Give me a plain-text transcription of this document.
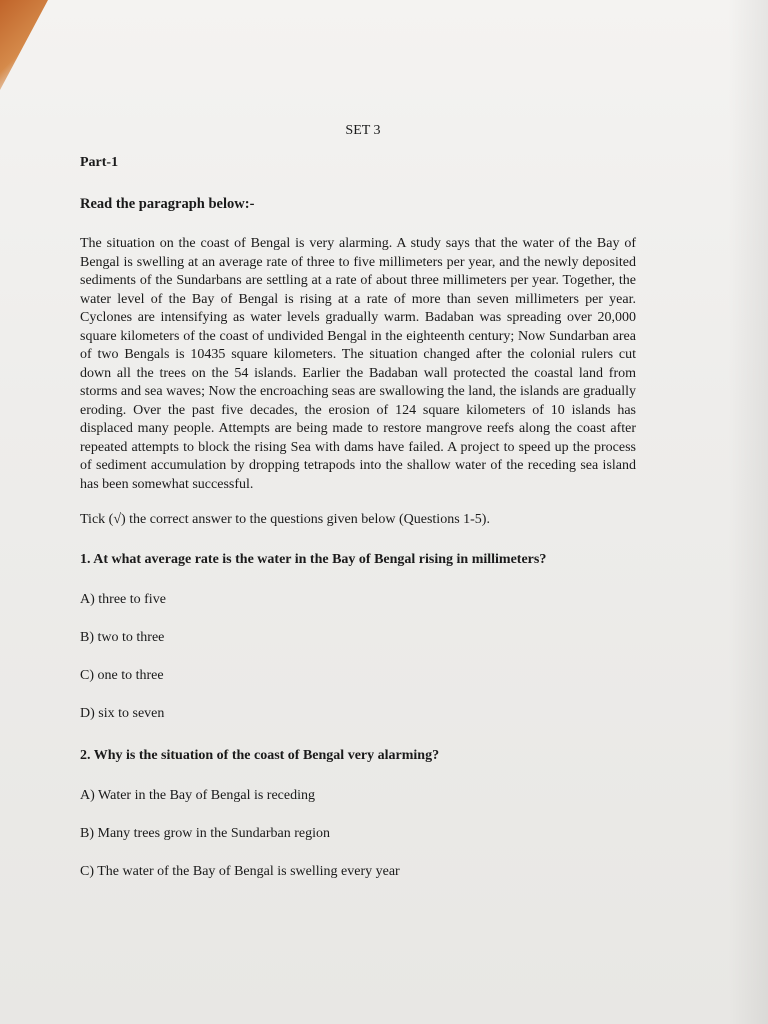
SET 3
Part-1
Read the paragraph below:-

The situation on the coast of Bengal is very alarming. A study says that the water of the Bay of Bengal is swelling at an average rate of three to five millimeters per year, and the newly deposited sediments of the Sundarbans are settling at a rate of about three millimeters per year. Together, the water level of the Bay of Bengal is rising at a rate of more than seven millimeters per year. Cyclones are intensifying as water levels gradually warm. Badaban was spreading over 20,000 square kilometers of the coast of undivided Bengal in the eighteenth century; Now Sundarban area of two Bengals is 10435 square kilometers. The situation changed after the colonial rulers cut down all the trees on the 54 islands. Earlier the Badaban wall protected the coastal land from storms and sea waves; Now the encroaching seas are swallowing the land, the islands are gradually eroding. Over the past five decades, the erosion of 124 square kilometers of 10 islands has displaced many people. Attempts are being made to restore mangrove reefs along the coast after repeated attempts to block the rising Sea with dams have failed. A project to speed up the process of sediment accumulation by dropping tetrapods into the shallow water of the receding sea island has been somewhat successful.

Tick (√) the correct answer to the questions given below (Questions 1-5).
1. At what average rate is the water in the Bay of Bengal rising in millimeters?
A) three to five
B) two to three
C) one to three
D) six to seven
2. Why is the situation of the coast of Bengal very alarming?
A) Water in the Bay of Bengal is receding
B) Many trees grow in the Sundarban region
C) The water of the Bay of Bengal is swelling every year
